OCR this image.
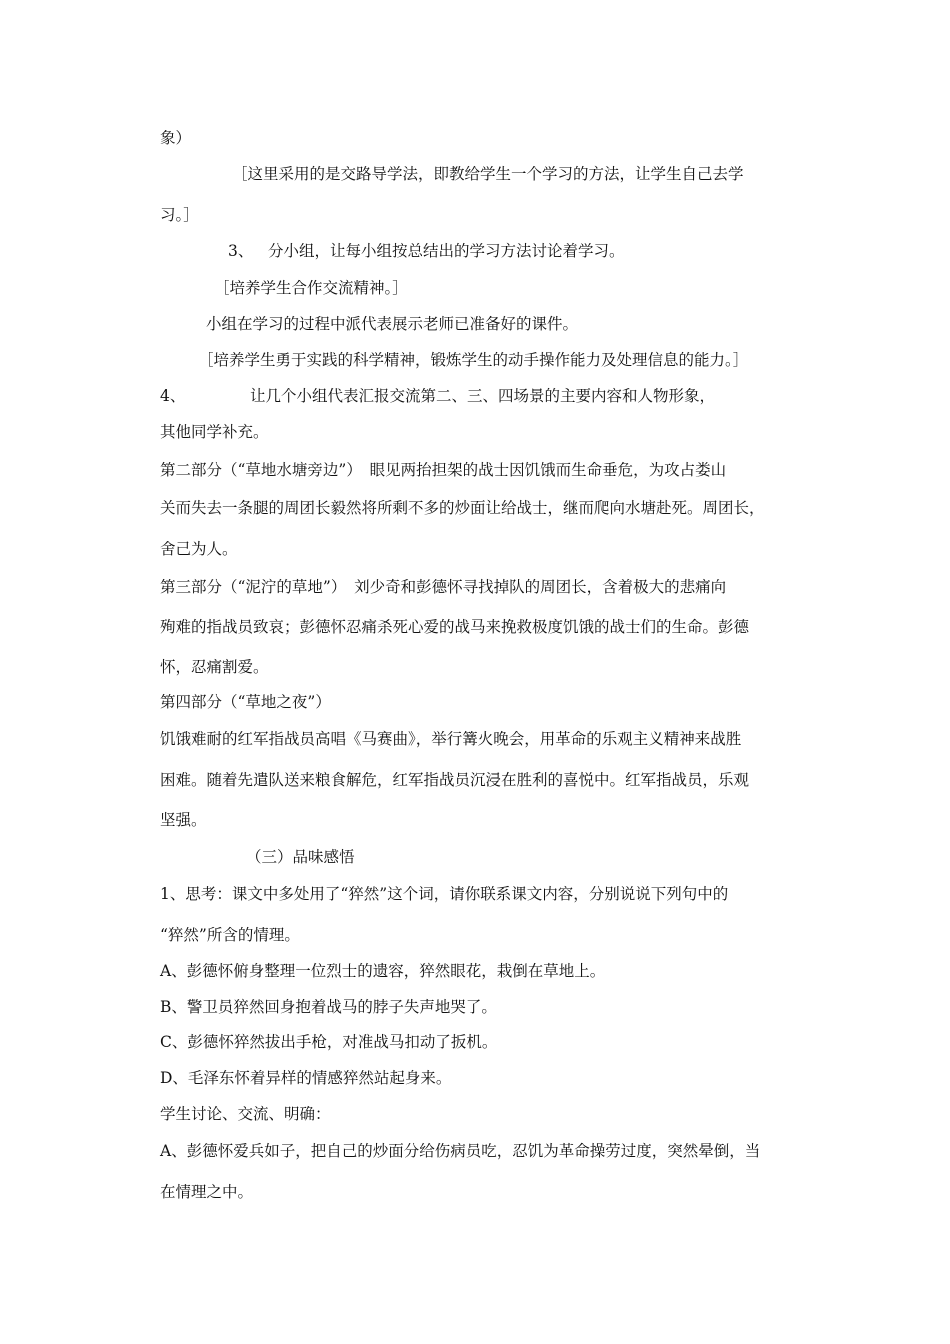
象）
［这里采用的是交路导学法，即教给学生一个学习的方法，让学生自己去学
习。］
3、 分小组，让每小组按总结出的学习方法讨论着学习。
［培养学生合作交流精神。］
小组在学习的过程中派代表展示老师已准备好的课件。
［培养学生勇于实践的科学精神，锻炼学生的动手操作能力及处理信息的能力。］
4、	让几个小组代表汇报交流第二、三、四场景的主要内容和人物形象，
其他同学补充。
第二部分（“草地水塘旁边”）　眼见两抬担架的战士因饥饿而生命垂危，为攻占娄山
关而失去一条腿的周团长毅然将所剩不多的炒面让给战士，继而爬向水塘赴死。周团长，
舍己为人。
第三部分（“泥泞的草地”）　刘少奇和彭德怀寻找掉队的周团长，含着极大的悲痛向
殉难的指战员致哀；彭德怀忍痛杀死心爱的战马来挽救极度饥饿的战士们的生命。彭德
怀，忍痛割爱。
第四部分（“草地之夜”）
饥饿难耐的红军指战员高唱《马赛曲》，举行篝火晚会，用革命的乐观主义精神来战胜
困难。随着先遣队送来粮食解危，红军指战员沉浸在胜利的喜悦中。红军指战员，乐观
坚强。
（三）品味感悟
1、思考：课文中多处用了“猝然”这个词，请你联系课文内容，分别说说下列句中的
“猝然”所含的情理。
A、彭德怀俯身整理一位烈士的遗容，猝然眼花，栽倒在草地上。
B、警卫员猝然回身抱着战马的脖子失声地哭了。
C、彭德怀猝然拔出手枪，对准战马扣动了扳机。
D、毛泽东怀着异样的情感猝然站起身来。
学生讨论、交流、明确：
A、彭德怀爱兵如子，把自己的炒面分给伤病员吃，忍饥为革命操劳过度，突然晕倒，当
在情理之中。
